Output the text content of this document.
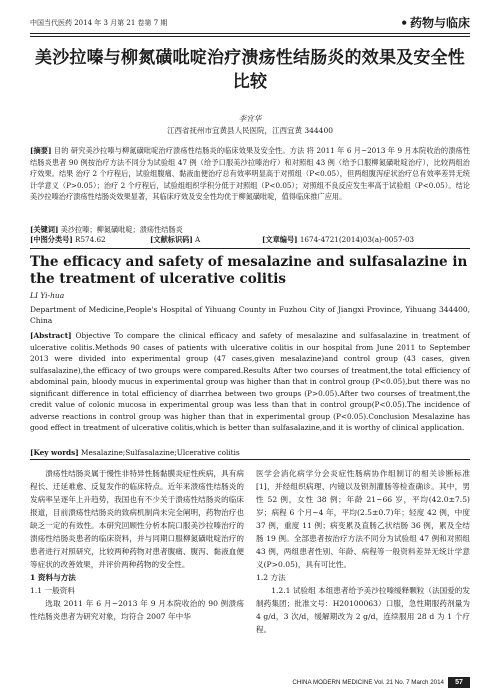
中国当代医药 2014 年 3 月第 21 卷第 7 期	• 药物与临床
美沙拉嗪与柳氮磺吡啶治疗溃疡性结肠炎的效果及安全性比较
李宜华
江西省抚州市宜黄县人民医院，江西宜黄 344400
[摘要] 目的 研究美沙拉嗪与柳氮磺吡啶治疗溃疡性结肠炎的临床效果及安全性。方法 将 2011 年 6 月~2013 年 9 月本院收治的溃疡性结肠炎患者 90 例按治疗方法不同分为试验组 47 例（给予口服美沙拉嗪治疗）和对照组 43 例（给予口服柳氮磺吡啶治疗），比较两组治疗效果。结果 治疗 2 个疗程后，试验组腹痛、黏液血便治疗总有效率明显高于对照组（P<0.05），但两组腹泻症状治疗总有效率差异无统计学意义（P>0.05）；治疗 2 个疗程后，试验组组织学积分低于对照组（P<0.05）；对照组不良反应发生率高于试验组（P<0.05）。结论 美沙拉嗪治疗溃疡性结肠炎效果显著，其临床疗效及安全性均优于柳氮磺吡啶，值得临床推广应用。
[关键词] 美沙拉嗪；柳氮磺吡啶；溃疡性结肠炎
[中图分类号] R574.62	[文献标识码] A	[文章编号] 1674-4721(2014)03(a)-0057-03
The efficacy and safety of mesalazine and sulfasalazine in the treatment of ulcerative colitis
LI Yi-hua
Department of Medicine,People's Hospital of Yihuang County in Fuzhou City of Jiangxi Province, Yihuang 344400, China
[Abstract] Objective To compare the clinical efficacy and safety of mesalazine and sulfasalazine in treatment of ulcerative colitis.Methods 90 cases of patients with ulcerative colitis in our hospital from June 2011 to September 2013 were divided into experimental group (47 cases,given mesalazine)and control group (43 cases, given sulfasalazine),the efficacy of two groups were compared.Results After two courses of treatment,the total efficiency of abdominal pain, bloody mucus in experimental group was higher than that in control group (P<0.05),but there was no significant difference in total efficiency of diarrhea between two groups (P>0.05).After two courses of treatment,the credit value of colonic mucosa in experimental group was less than that in control group(P<0.05).The incidence of adverse reactions in control group was higher than that in experimental group (P<0.05).Conclusion Mesalazine has good effect in treatment of ulcerative colitis,which is better than sulfasalazine,and it is worthy of clinical application.
[Key words] Mesalazine;Sulfasalazine;Ulcerative colitis

溃疡性结肠炎属于慢性非特异性肠黏膜炎症性疾病，具有病程长、迁延难愈、反复发作的临床特点。近年来溃疡性结肠炎的发病率呈逐年上升趋势，我国也有不少关于溃疡性结肠炎的临床报道，目前溃疡性结肠炎的致病机制尚未完全阐明，药物治疗也缺乏一定的有效性。本研究回顾性分析本院口服美沙拉嗪治疗的溃疡性结肠炎患者的临床资料，并与同期口服柳氮磺吡啶治疗的患者进行对照研究，比较两种药物对患者腹痛、腹泻、黏液血便等症状的改善效果，并评价两种药物的安全性。

1 资料与方法

1.1 一般资料

选取 2011 年 6 月~2013 年 9 月本院收治的 90 例溃疡性结肠炎患者为研究对象，均符合 2007 年中华

医学会消化病学分会炎症性肠病协作组制订的相关诊断标准[1]，并经组织病理、内镜以及钡剂灌肠等检查确诊。其中，男性 52 例，女性 38 例；年龄 21~66 岁，平均(42.0±7.5)岁；病程 6 个月~4 年，平均(2.5±0.7)年；轻度 42 例，中度 37 例，重度 11 例；病变累及直肠乙状结肠 36 例，累及全结肠 19 例。全部患者按治疗方法不同分为试验组 47 例和对照组 43 例，两组患者性别、年龄、病程等一般资料差异无统计学意义(P>0.05)，具有可比性。

1.2 方法

1.2.1 试验组 本组患者给予美沙拉嗪缓释颗粒（法国爱的发制药集团；批准文号：H20100063）口服，急性期服药剂量为 4 g/d，3 次/d，缓解期改为 2 g/d，连续服用 28 d 为 1 个疗程。

CHINA MODERN MEDICINE Vol. 21 No. 7 March 2014	57
